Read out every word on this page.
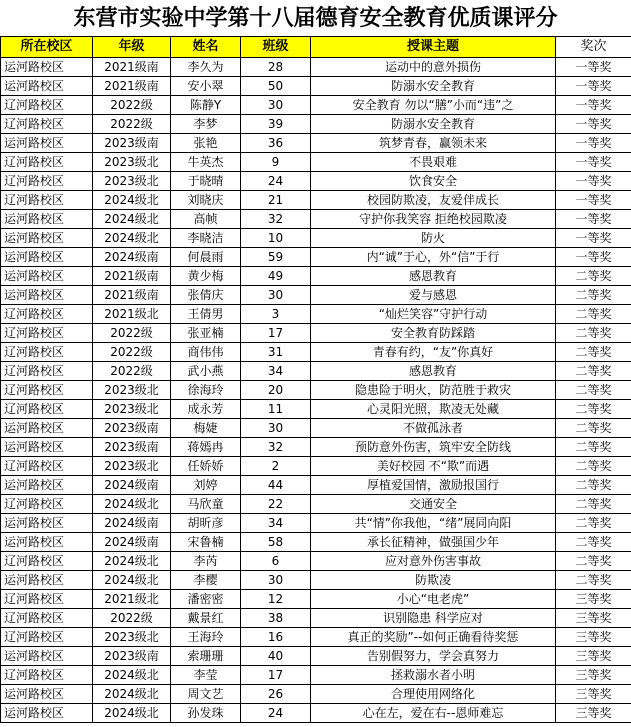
东营市实验中学第十八届德育安全教育优质课评分
所在校区	年级	姓名	班级	授课主题	奖次
运河路校区	2021级南	李久为	28	运动中的意外损伤	一等奖
运河路校区	2021级南	安小翠	50	防溺水安全教育	一等奖
辽河路校区	2022级	陈静Y	30	安全教育 勿以“膳”小而“违”之	一等奖
辽河路校区	2022级	李梦	39	防溺水安全教育	一等奖
运河路校区	2023级南	张艳	36	筑梦青春，赢领未来	一等奖
辽河路校区	2023级北	牛英杰	9	不畏艰难	一等奖
辽河路校区	2023级北	于晓晴	24	饮食安全	一等奖
辽河路校区	2024级北	刘晓庆	21	校园防欺凌，友爱伴成长	一等奖
运河路校区	2024级北	高帧	32	守护你我笑容 拒绝校园欺凌	一等奖
运河路校区	2024级北	李晓洁	10	防火	一等奖
运河路校区	2024级南	何晨雨	59	内“诚”于心，外“信”于行	一等奖
运河路校区	2021级南	黄少梅	49	感恩教育	二等奖
运河路校区	2021级南	张倩庆	30	爱与感恩	二等奖
辽河路校区	2021级北	王倩男	3	“灿烂笑容”守护行动	二等奖
辽河路校区	2022级	张亚楠	17	安全教育防踩踏	二等奖
辽河路校区	2022级	商伟伟	31	青春有约，“友”你真好	二等奖
辽河路校区	2022级	武小燕	34	感恩教育	二等奖
辽河路校区	2023级北	徐海玲	20	隐患险于明火，防范胜于救灾	二等奖
辽河路校区	2023级北	成永芳	11	心灵阳光照，欺凌无处藏	二等奖
运河路校区	2023级南	梅婕	30	不做孤泳者	二等奖
运河路校区	2023级南	蒋嫣冉	32	预防意外伤害，筑牢安全防线	二等奖
辽河路校区	2023级北	任娇娇	2	美好校园 不“欺”而遇	二等奖
运河路校区	2024级南	刘婷	44	厚植爱国情，激励报国行	二等奖
辽河路校区	2024级北	马欣童	22	交通安全	二等奖
运河路校区	2024级南	胡昕彦	34	共“情”你我他，“绪”展同向阳	二等奖
运河路校区	2024级南	宋鲁楠	58	承长征精神，做强国少年	二等奖
辽河路校区	2024级北	李芮	6	应对意外伤害事故	二等奖
运河路校区	2024级北	李樱	30	防欺凌	二等奖
辽河路校区	2021级北	潘密密	12	小心“电老虎”	三等奖
辽河路校区	2022级	戴景红	38	识别隐患 科学应对	三等奖
辽河路校区	2023级北	王海玲	16	真正的奖励”--如何正确看待奖惩	三等奖
运河路校区	2023级南	索珊珊	40	告别假努力，学会真努力	三等奖
辽河路校区	2024级北	李莹	17	拯救溺水者小明	三等奖
运河路校区	2024级北	周文艺	26	合理使用网络化	三等奖
运河路校区	2024级北	孙发珠	24	心在左，爱在右--恩师难忘	三等奖
